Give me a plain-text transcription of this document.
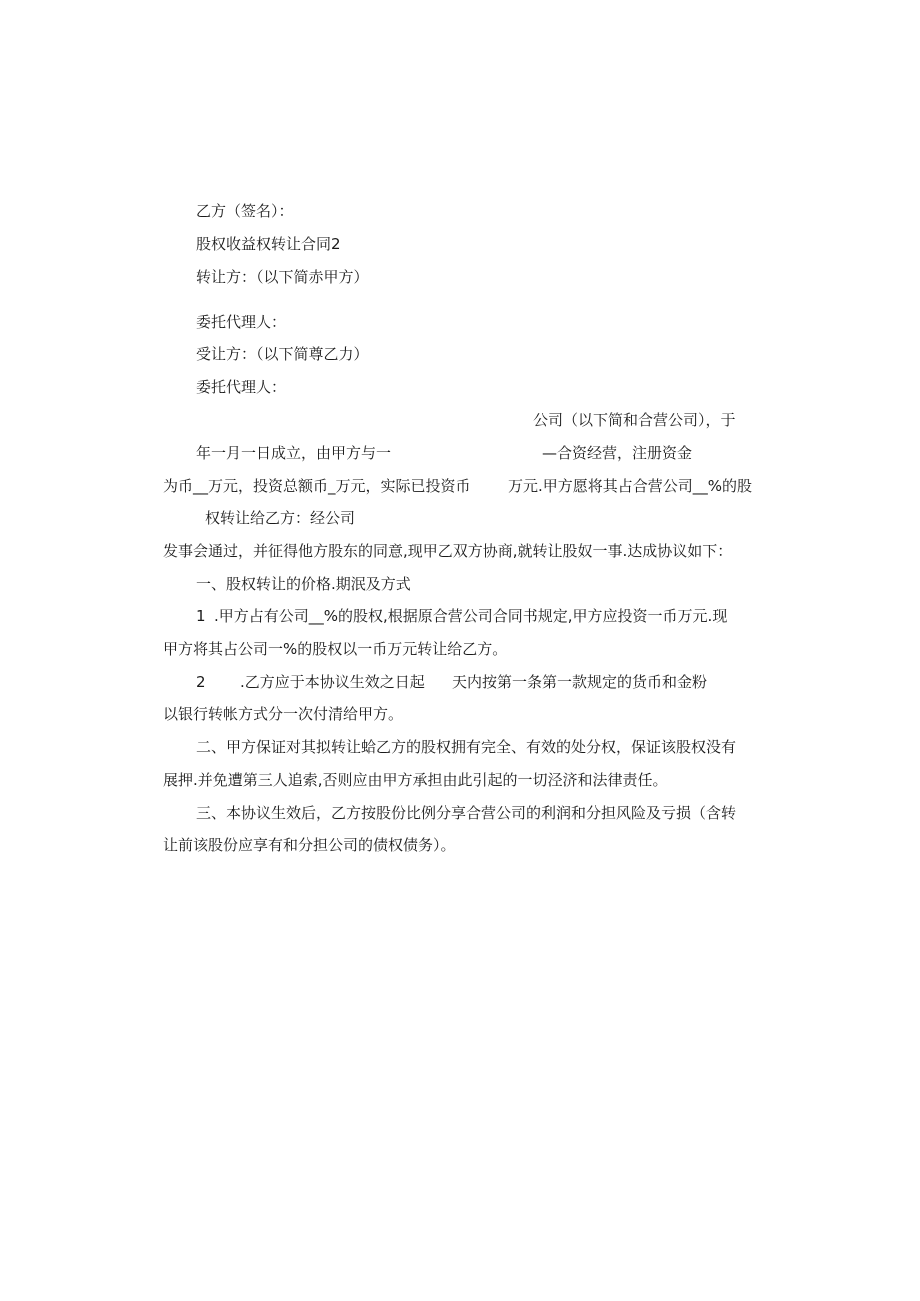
乙方（签名）：
股权收益权转让合同2
转让方：（以下简赤甲方）
委托代理人：
受让方：（以下简尊乙力）
委托代理人：
公司（以下简和合营公司），于
年一月一日成立，由甲方与一	—合资经营，注册资金
为币__万元，投资总额币_万元，实际已投资币 万元.甲方愿将其占合营公司__%的股
权转让给乙方：经公司
发事会通过，并征得他方股东的同意,现甲乙双方协商,就转让股奴一事.达成协议如下：
一、股权转让的价格.期泯及方式
1 .甲方占有公司__%的股权,根据原合营公司合同书规定,甲方应投资一币万元.现
甲方将其占公司一%的股权以一币万元转让给乙方。
2 .乙方应于本协议生效之日起 天内按第一条第一款规定的货币和金粉
以银行转帐方式分一次付清给甲方。
二、甲方保证对其拟转让蛤乙方的股权拥有完全、有效的处分权，保证该股权没有
展押.并免遭第三人追索,否则应由甲方承担由此引起的一切泾济和法律责任。
三、本协议生效后，乙方按股份比例分享合营公司的利润和分担风险及亏损（含转
让前该股份应享有和分担公司的债权债务）。
